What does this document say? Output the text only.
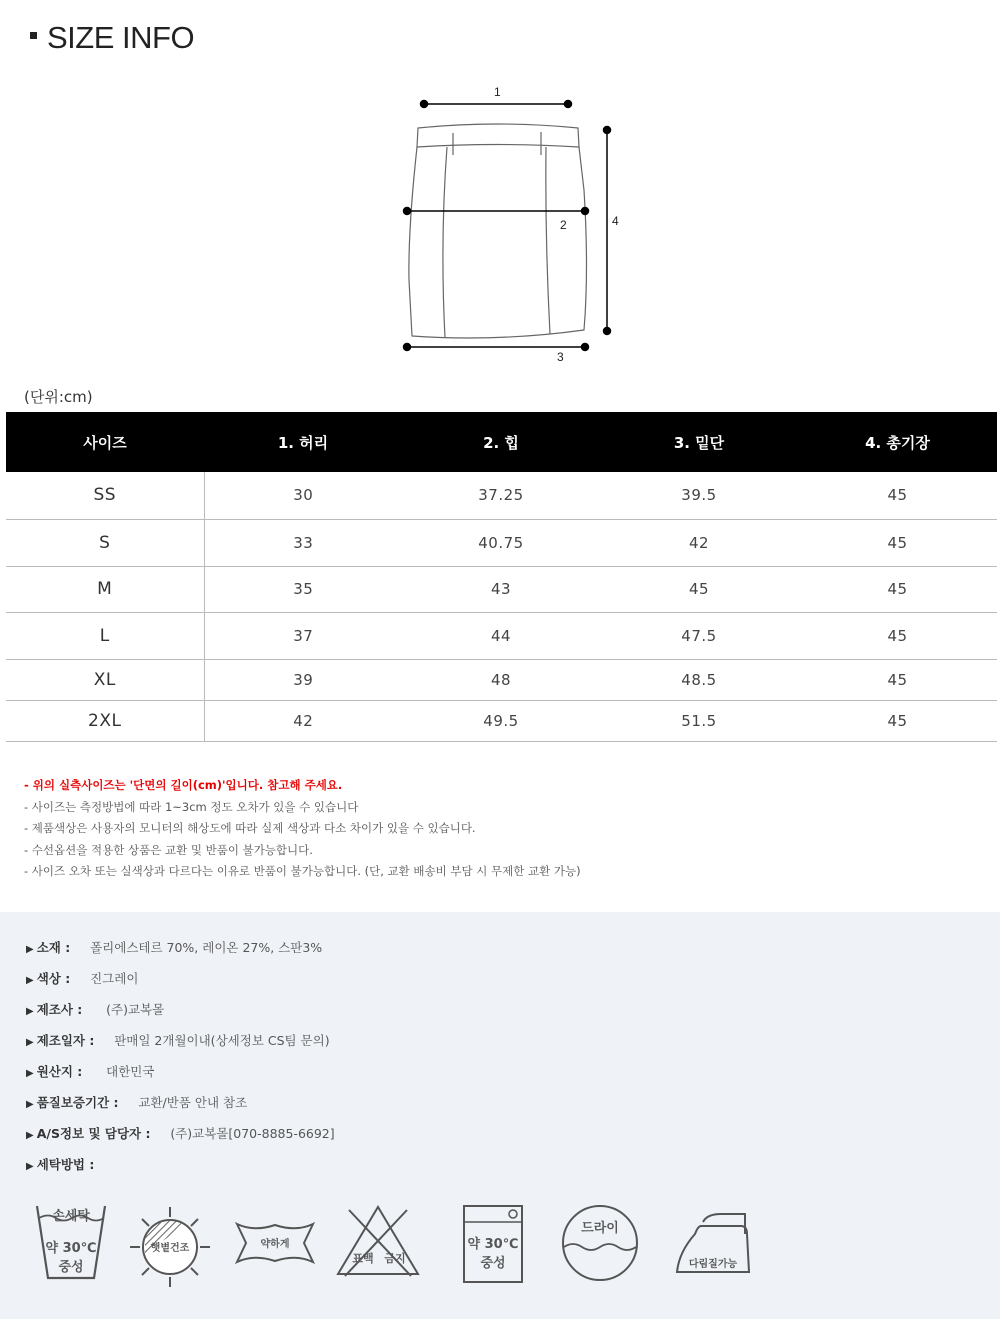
SIZE INFO
1
2
3
4
(단위:cm)
사이즈	1. 허리	2. 힙	3. 밑단	4. 총기장
SS	30	37.25	39.5	45
S	33	40.75	42	45
M	35	43	45	45
L	37	44	47.5	45
XL	39	48	48.5	45
2XL	42	49.5	51.5	45
- 위의 실측사이즈는 '단면의 길이(cm)'입니다. 참고해 주세요.
- 사이즈는 측정방법에 따라 1~3cm 정도 오차가 있을 수 있습니다
- 제품색상은 사용자의 모니터의 해상도에 따라 실제 색상과 다소 차이가 있을 수 있습니다.
- 수선옵션을 적용한 상품은 교환 및 반품이 불가능합니다.
- 사이즈 오차 또는 실색상과 다르다는 이유로 반품이 불가능합니다. (단, 교환 배송비 부담 시 무제한 교환 가능)
▶ 소재 : 폴리에스테르 70%, 레이온 27%, 스판3%
▶ 색상 : 진그레이
▶ 제조사 : (주)교복몰
▶ 제조일자 : 판매일 2개월이내(상세정보 CS팀 문의)
▶ 원산지 : 대한민국
▶ 품질보증기간 : 교환/반품 안내 참조
▶ A/S정보 및 담당자 : (주)교복몰[070-8885-6692]
▶ 세탁방법 :
손세탁
약 30℃
중성
햇볕건조	약하게
표백 금지
약 30℃
중성
드라이
다림질가능
